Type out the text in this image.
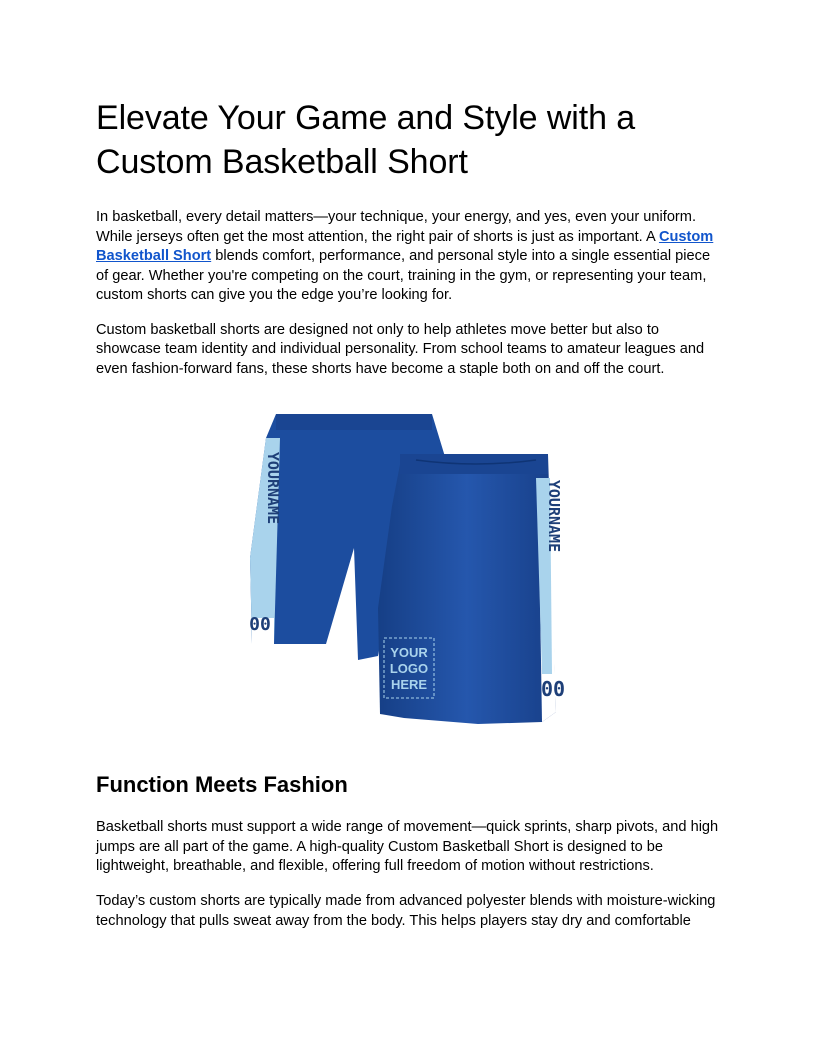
Elevate Your Game and Style with a Custom Basketball Short

In basketball, every detail matters—your technique, your energy, and yes, even your uniform. While jerseys often get the most attention, the right pair of shorts is just as important. A Custom Basketball Short blends comfort, performance, and personal style into a single essential piece of gear. Whether you're competing on the court, training in the gym, or representing your team, custom shorts can give you the edge you’re looking for.

Custom basketball shorts are designed not only to help athletes move better but also to showcase team identity and individual personality. From school teams to amateur leagues and even fashion-forward fans, these shorts have become a staple both on and off the court.

YOURNAME
00
YOURNAME
00
YOUR
LOGO
HERE
Function Meets Fashion

Basketball shorts must support a wide range of movement—quick sprints, sharp pivots, and high jumps are all part of the game. A high-quality Custom Basketball Short is designed to be lightweight, breathable, and flexible, offering full freedom of motion without restrictions.

Today’s custom shorts are typically made from advanced polyester blends with moisture-wicking technology that pulls sweat away from the body. This helps players stay dry and comfortable
